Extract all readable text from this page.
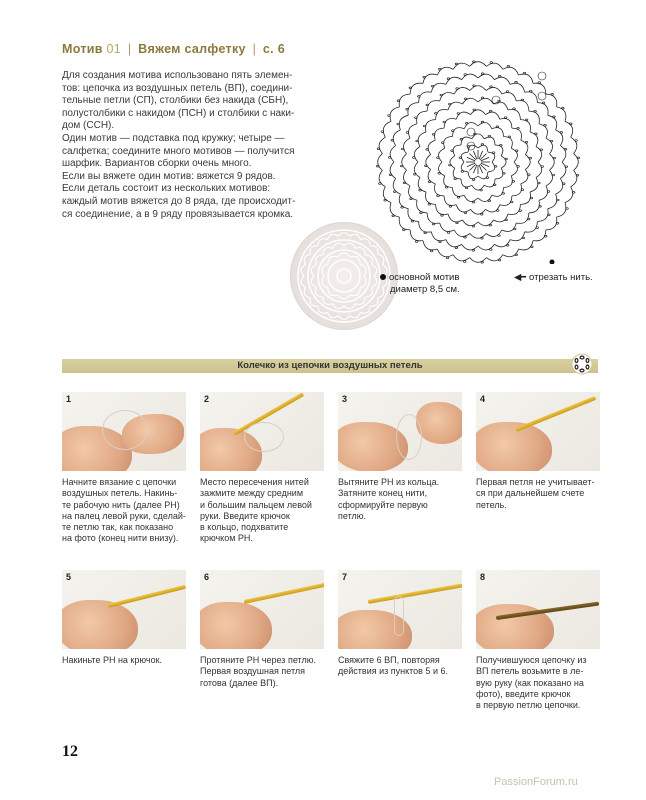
Мотив 01 | Вяжем салфетку | с. 6

Для создания мотива использовано пять элемен-

тов: цепочка из воздушных петель (ВП), соедини-

тельные петли (СП), столбики без накида (СБН),

полустолбики с накидом (ПСН) и столбики с наки-

дом (ССН).

Один мотив — подставка под кружку; четыре —

салфетка; соедините много мотивов — получится

шарфик. Вариантов сборки очень много.

Если вы вяжете один мотив: вяжется 9 рядов.

Если деталь состоит из нескольких мотивов:

каждый мотив вяжется до 8 ряда, где происходит-

ся соединение, а в 9 ряду провязывается кромка.

основной мотив
диаметр 8,5 см.
◀━ отрезать нить.
Колечко из цепочки воздушных петель
1
Начните вязание с цепочки
воздушных петель. Накинь-
те рабочую нить (далее РН)
на палец левой руки, сделай-
те петлю так, как показано
на фото (конец нити внизу).
2
Место пересечения нитей
зажмите между средним
и большим пальцем левой
руки. Введите крючок
в кольцо, подхватите
крючком РН.
3
Вытяните РН из кольца.
Затяните конец нити,
сформируйте первую
петлю.
4
Первая петля не учитывает-
ся при дальнейшем счете
петель.
5
Накиньте РН на крючок.
6
Протяните РН через петлю.
Первая воздушная петля
готова (далее ВП).
7
Свяжите 6 ВП, повторяя
действия из пунктов 5 и 6.
8
Получившуюся цепочку из
ВП петель возьмите в ле-
вую руку (как показано на
фото), введите крючок
в первую петлю цепочки.
12
PassionForum.ru
